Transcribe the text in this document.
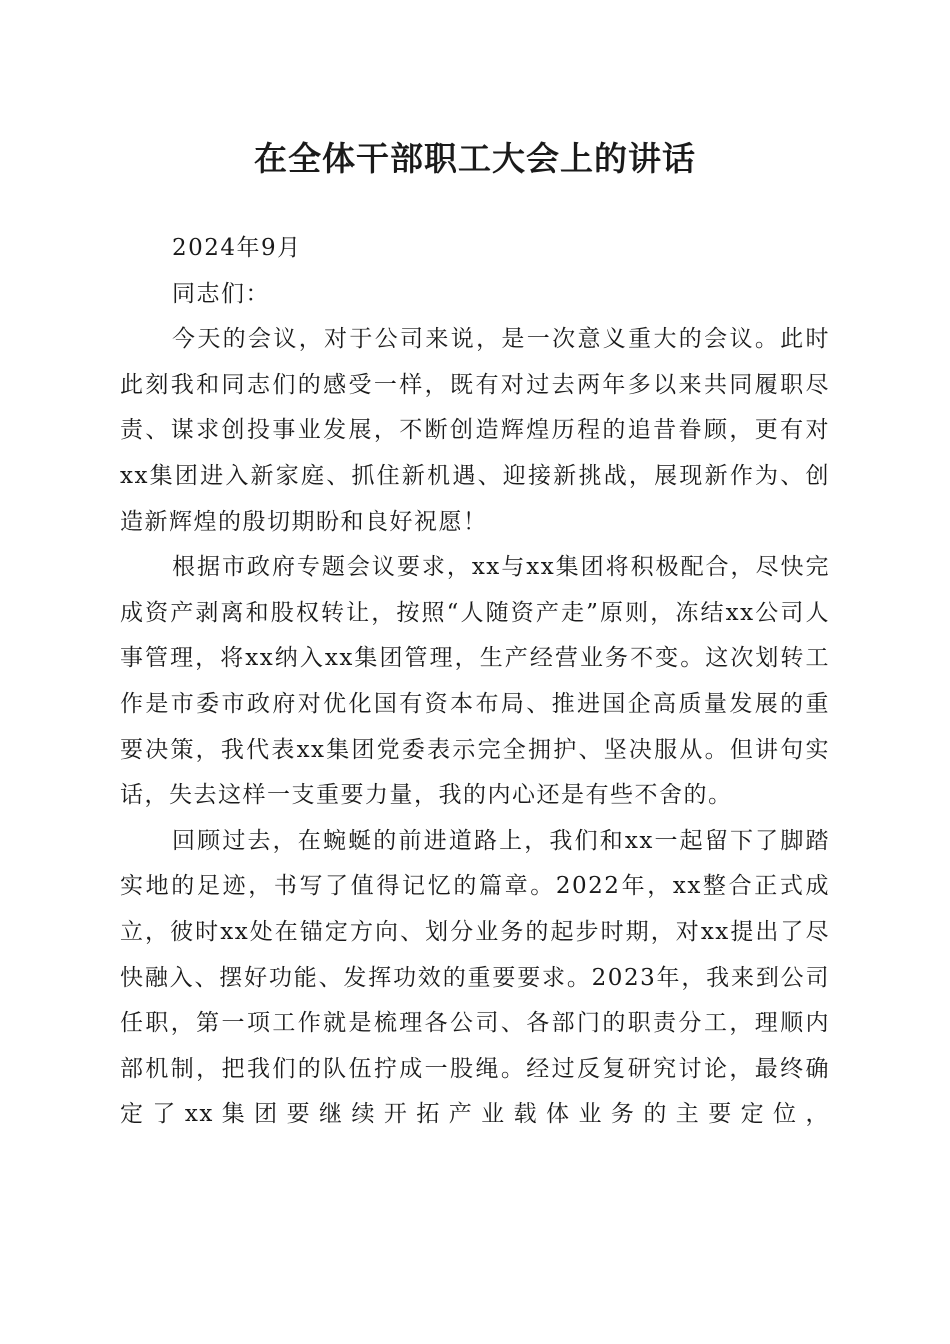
在全体干部职工大会上的讲话

2024年9月

同志们：

今天的会议，对于公司来说，是一次意义重大的会议。此时此刻我和同志们的感受一样，既有对过去两年多以来共同履职尽责、谋求创投事业发展，不断创造辉煌历程的追昔眷顾，更有对xx集团进入新家庭、抓住新机遇、迎接新挑战，展现新作为、创造新辉煌的殷切期盼和良好祝愿！

根据市政府专题会议要求，xx与xx集团将积极配合，尽快完成资产剥离和股权转让，按照“人随资产走”原则，冻结xx公司人事管理，将xx纳入xx集团管理，生产经营业务不变。这次划转工作是市委市政府对优化国有资本布局、推进国企高质量发展的重要决策，我代表xx集团党委表示完全拥护、坚决服从。但讲句实话，失去这样一支重要力量，我的内心还是有些不舍的。

回顾过去，在蜿蜒的前进道路上，我们和xx一起留下了脚踏实地的足迹，书写了值得记忆的篇章。2022年，xx整合正式成立，彼时xx处在锚定方向、划分业务的起步时期，对xx提出了尽快融入、摆好功能、发挥功效的重要要求。2023年，我来到公司任职，第一项工作就是梳理各公司、各部门的职责分工，理顺内部机制，把我们的队伍拧成一股绳。经过反复研究讨论，最终确定了xx集团要继续开拓产业载体业务的主要定位，
